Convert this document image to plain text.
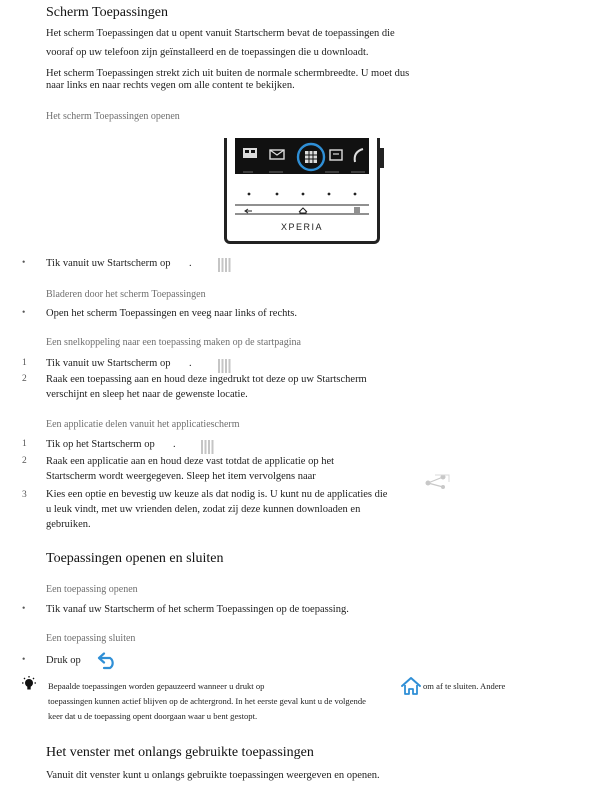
Scherm Toepassingen
Het scherm Toepassingen dat u opent vanuit Startscherm bevat de toepassingen die
vooraf op uw telefoon zijn geïnstalleerd en de toepassingen die u downloadt.
Het scherm Toepassingen strekt zich uit buiten de normale schermbreedte. U moet dus
naar links en naar rechts vegen om alle content te bekijken.
Het scherm Toepassingen openen
XPERIA
• Tik vanuit uw Startscherm op .
Bladeren door het scherm Toepassingen
• Open het scherm Toepassingen en veeg naar links of rechts.
Een snelkoppeling naar een toepassing maken op de startpagina
1 Tik vanuit uw Startscherm op .
2 Raak een toepassing aan en houd deze ingedrukt tot deze op uw Startscherm
verschijnt en sleep het naar de gewenste locatie.
Een applicatie delen vanuit het applicatiescherm
1 Tik op het Startscherm op .
2 Raak een applicatie aan en houd deze vast totdat de applicatie op het
Startscherm wordt weergegeven. Sleep het item vervolgens naar
3 Kies een optie en bevestig uw keuze als dat nodig is. U kunt nu de applicaties die
u leuk vindt, met uw vrienden delen, zodat zij deze kunnen downloaden en
gebruiken.
Toepassingen openen en sluiten
Een toepassing openen
• Tik vanaf uw Startscherm of het scherm Toepassingen op de toepassing.
Een toepassing sluiten
• Druk op
Bepaalde toepassingen worden gepauzeerd wanneer u drukt op	om af te sluiten. Andere
toepassingen kunnen actief blijven op de achtergrond. In het eerste geval kunt u de volgende
keer dat u de toepassing opent doorgaan waar u bent gestopt.
Het venster met onlangs gebruikte toepassingen
Vanuit dit venster kunt u onlangs gebruikte toepassingen weergeven en openen.
